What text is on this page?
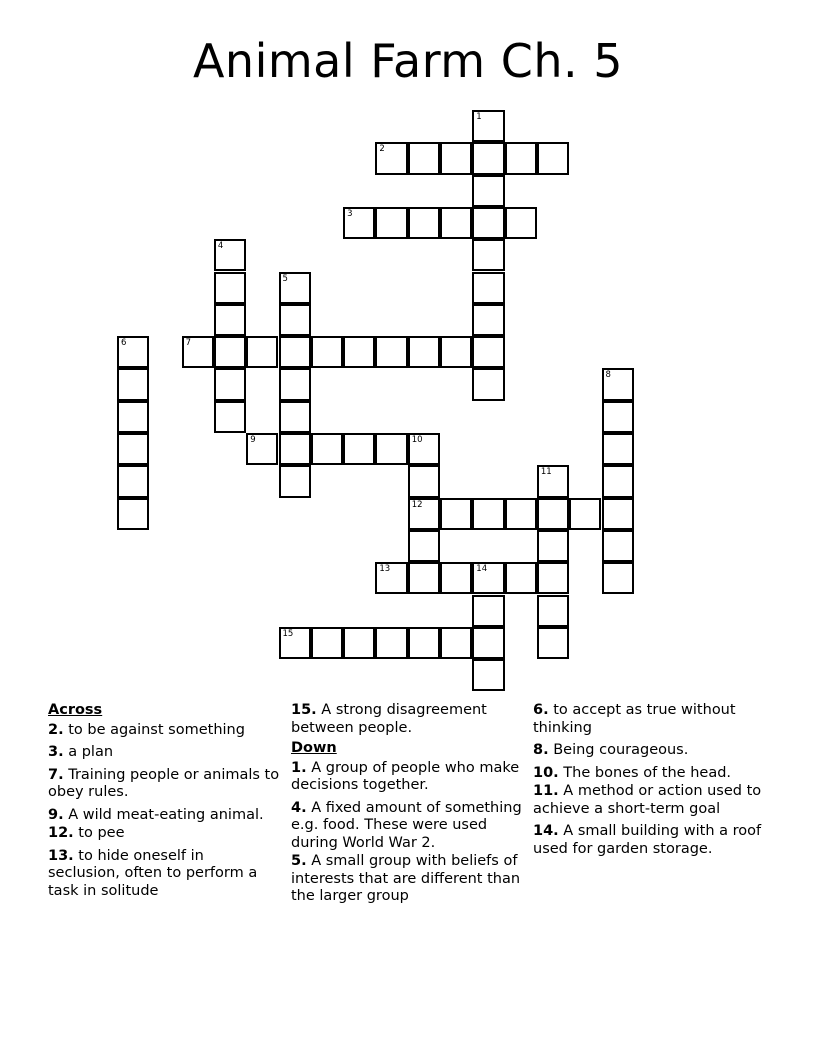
Animal Farm Ch. 5
1
2
3
4
5
6	7
8
9	10
12
11
13	14
15
Across
2. to be against something
3. a plan
7. Training people or animals to obey rules.
9. A wild meat-eating animal.
12. to pee
13. to hide oneself in seclusion, often to perform a task in solitude
15. A strong disagreement between people.
Down
1. A group of people who make decisions together.
4. A fixed amount of something e.g. food. These were used during World War 2.
5. A small group with beliefs of interests that are different than the larger group
6. to accept as true without thinking
8. Being courageous.
10. The bones of the head.
11. A method or action used to achieve a short-term goal
14. A small building with a roof used for garden storage.
